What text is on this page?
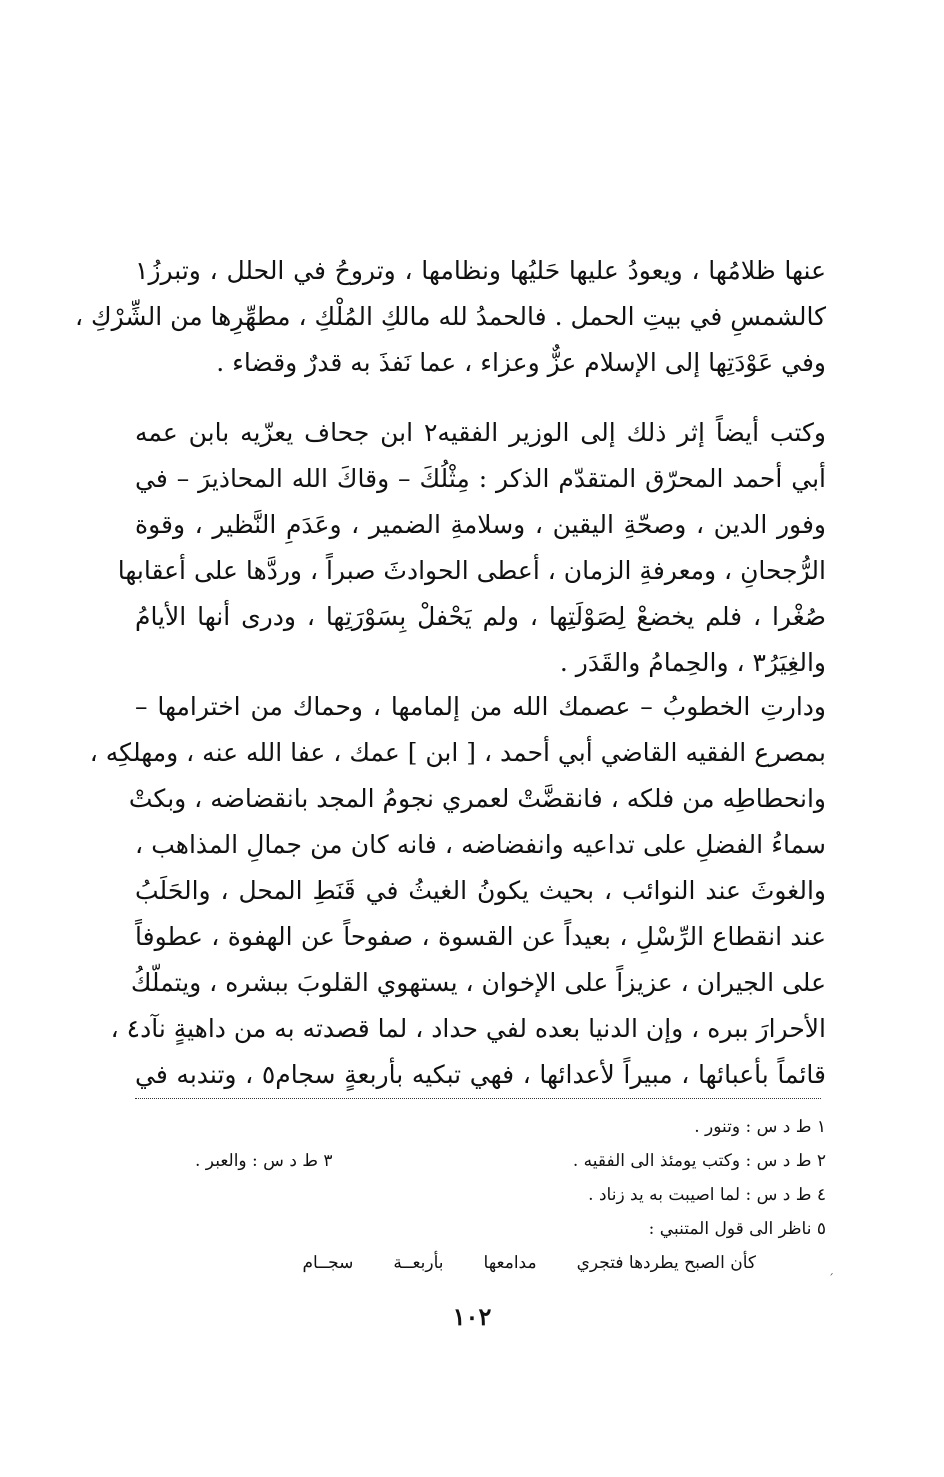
عنها ظلامُها ، ويعودُ عليها حَليُها ونظامها ، وتروحُ في الحلل ، وتبرزُ١
كالشمسِ في بيتِ الحمل . فالحمدُ لله مالكِ المُلْكِ ، مطهِّرِها من الشِّرْكِ ،
وفي عَوْدَتِها إلى الإسلام عزٌّ وعزاء ، عما نَفذَ به قدرٌ وقضاء .
وكتب أيضاً إثر ذلك إلى الوزير الفقيه٢ ابن جحاف يعزّيه بابن عمه
أبي أحمد المحرّق المتقدّم الذكر : مِثْلُكَ – وقاكَ الله المحاذيرَ – في
وفور الدين ، وصحّةِ اليقين ، وسلامةِ الضمير ، وعَدَمِ النَّظير ، وقوة
الرُّجحانِ ، ومعرفةِ الزمان ، أعطى الحوادثَ صبراً ، وردَّها على أعقابها
صُغْرا ، فلم يخضعْ لِصَوْلَتِها ، ولم يَحْفلْ بِسَوْرَتِها ، ودرى أنها الأيامُ
والغِيَرُ٣ ، والحِمامُ والقَدَر .
ودارتِ الخطوبُ – عصمك الله من إلمامها ، وحماك من اخترامها –
بمصرع الفقيه القاضي أبي أحمد ، [ ابن ] عمك ، عفا الله عنه ، ومهلكِه ،
وانحطاطِه من فلكه ، فانقضَّتْ لعمري نجومُ المجد بانقضاضه ، وبكتْ
سماءُ الفضلِ على تداعيه وانفضاضه ، فانه كان من جمالِ المذاهب ،
والغوثَ عند النوائب ، بحيث يكونُ الغيثُ في قَنَطِ المحل ، والحَلَبُ
عند انقطاع الرِّسْلِ ، بعيداً عن القسوة ، صفوحاً عن الهفوة ، عطوفاً
على الجيران ، عزيزاً على الإخوان ، يستهوي القلوبَ ببشره ، ويتملّكُ
الأحرارَ ببره ، وإن الدنيا بعده لفي حداد ، لما قصدته به من داهيةٍ نآد٤ ،
قائماً بأعبائها ، مبيراً لأعدائها ، فهي تبكيه بأربعةٍ سجام٥ ، وتندبه في
١ ط د س : وتنور .
٢ ط د س : وكتب يومئذ الى الفقيه .
٣ ط د س : والعبر .
٤ ط د س : لما اصيبت به يد زناد .
٥ ناظر الى قول المتنبي :
كأن الصبح يطردها فتجري
مدامعها
بأربعــة
سجــام
ˊ
١٠٢
